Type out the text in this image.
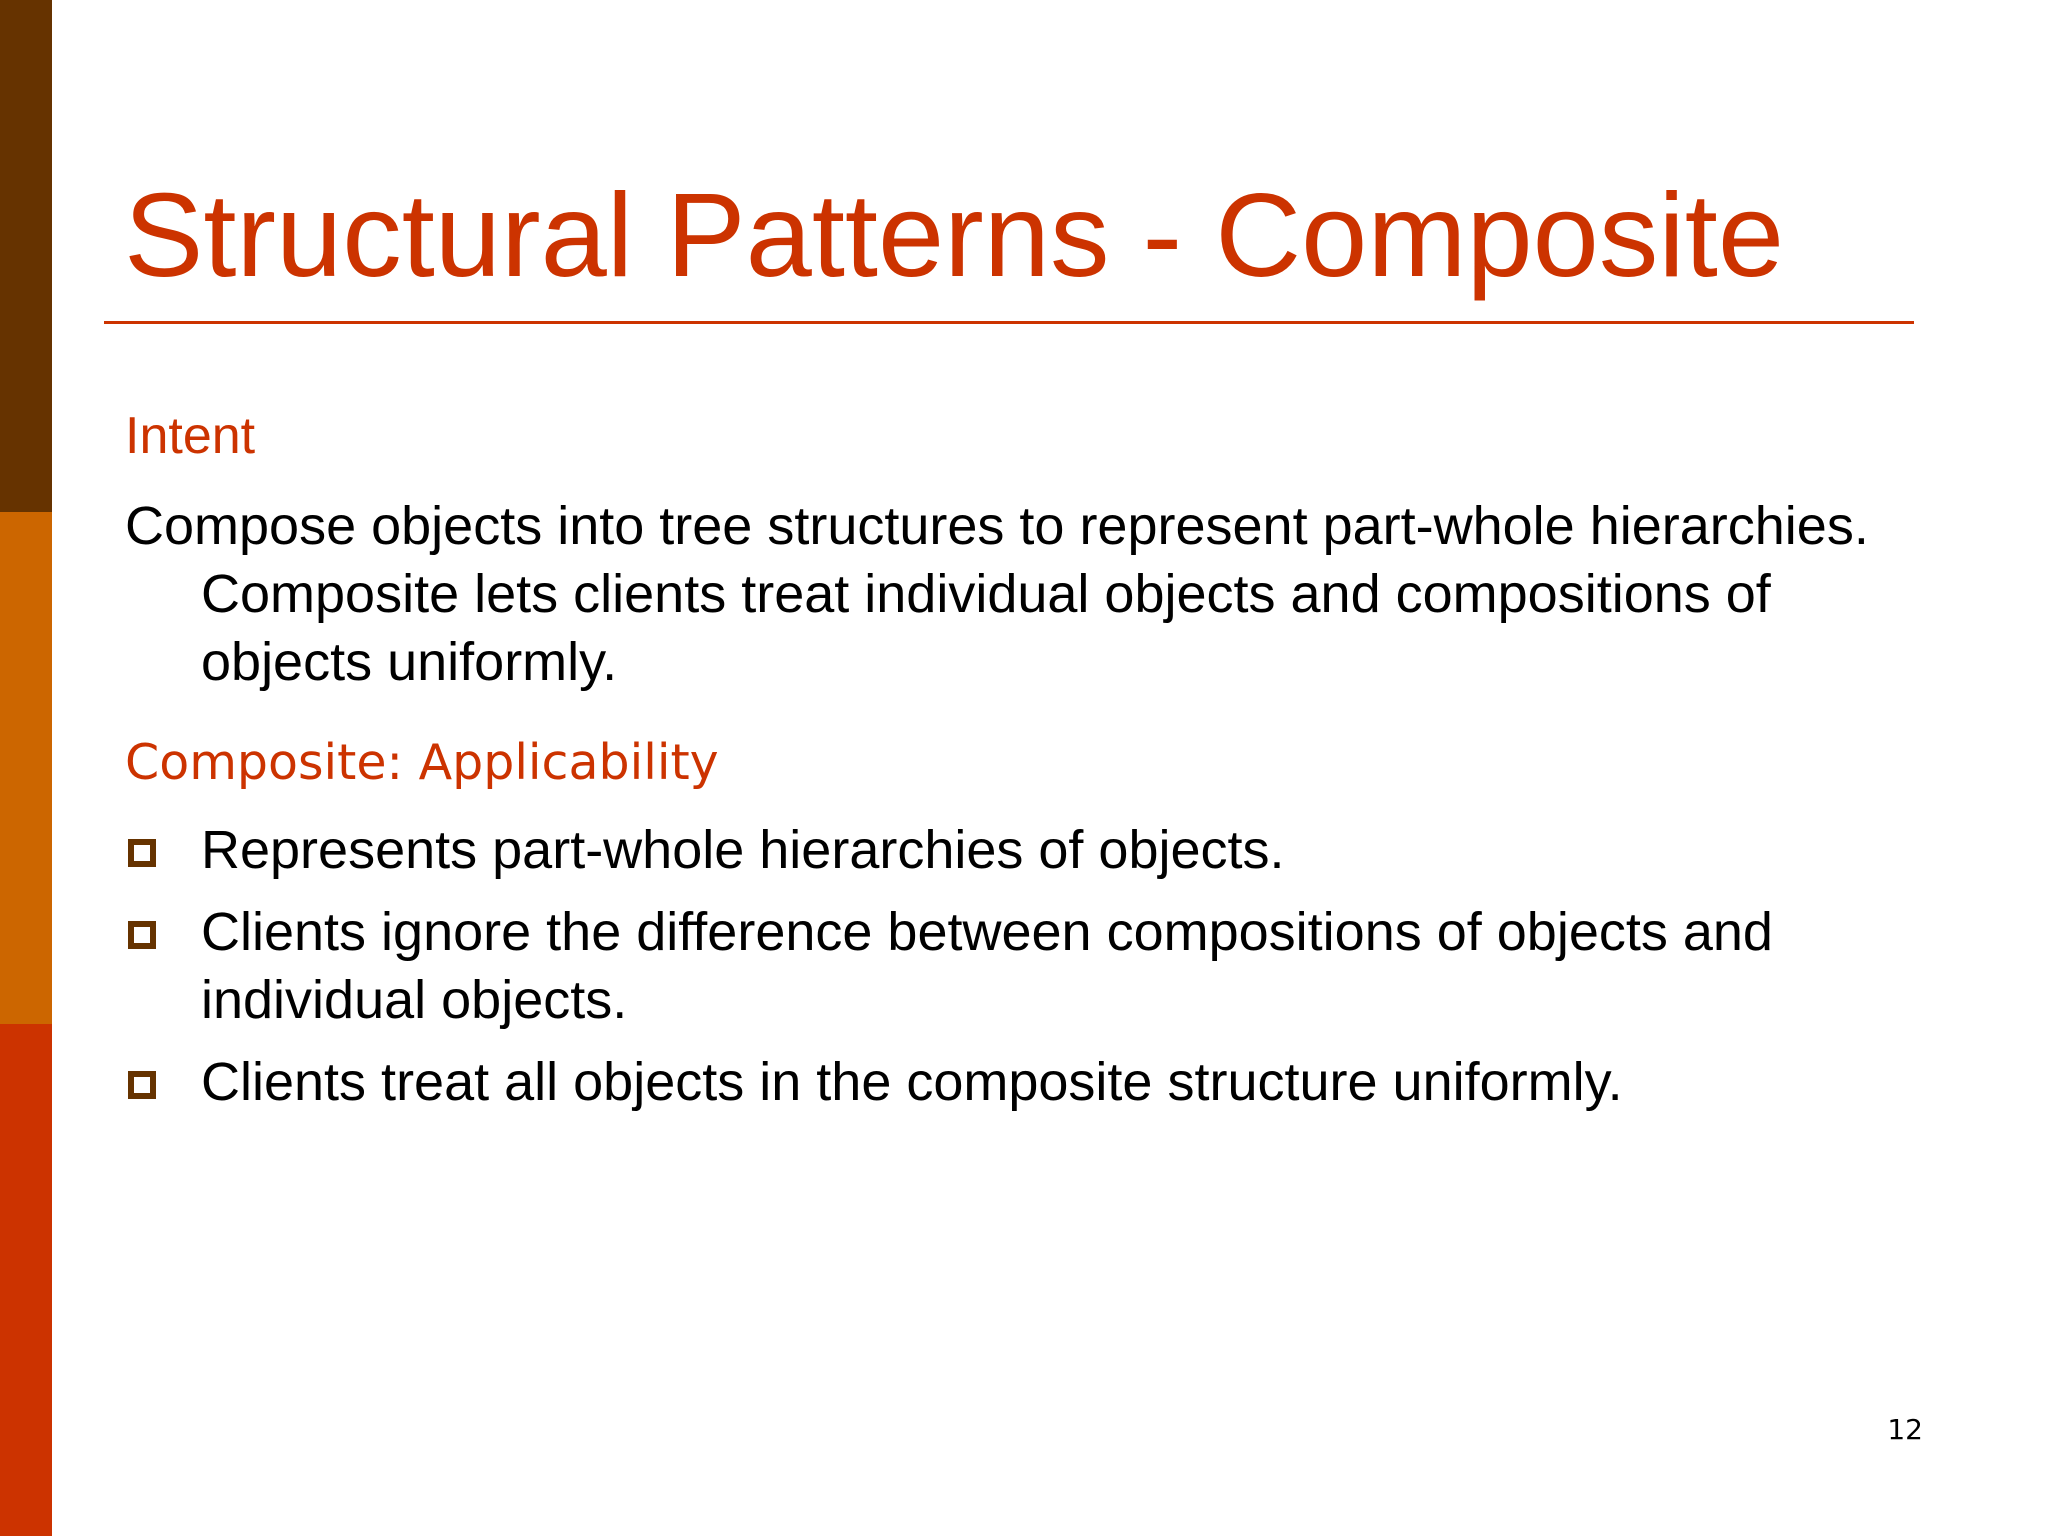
Structural Patterns - Composite
Intent

Compose objects into tree structures to represent part-whole hierarchies. Composite lets clients treat individual objects and compositions of objects uniformly.

Composite: Applicability
Represents part-whole hierarchies of objects.
Clients ignore the difference between compositions of objects and individual objects.
Clients treat all objects in the composite structure uniformly.
12
